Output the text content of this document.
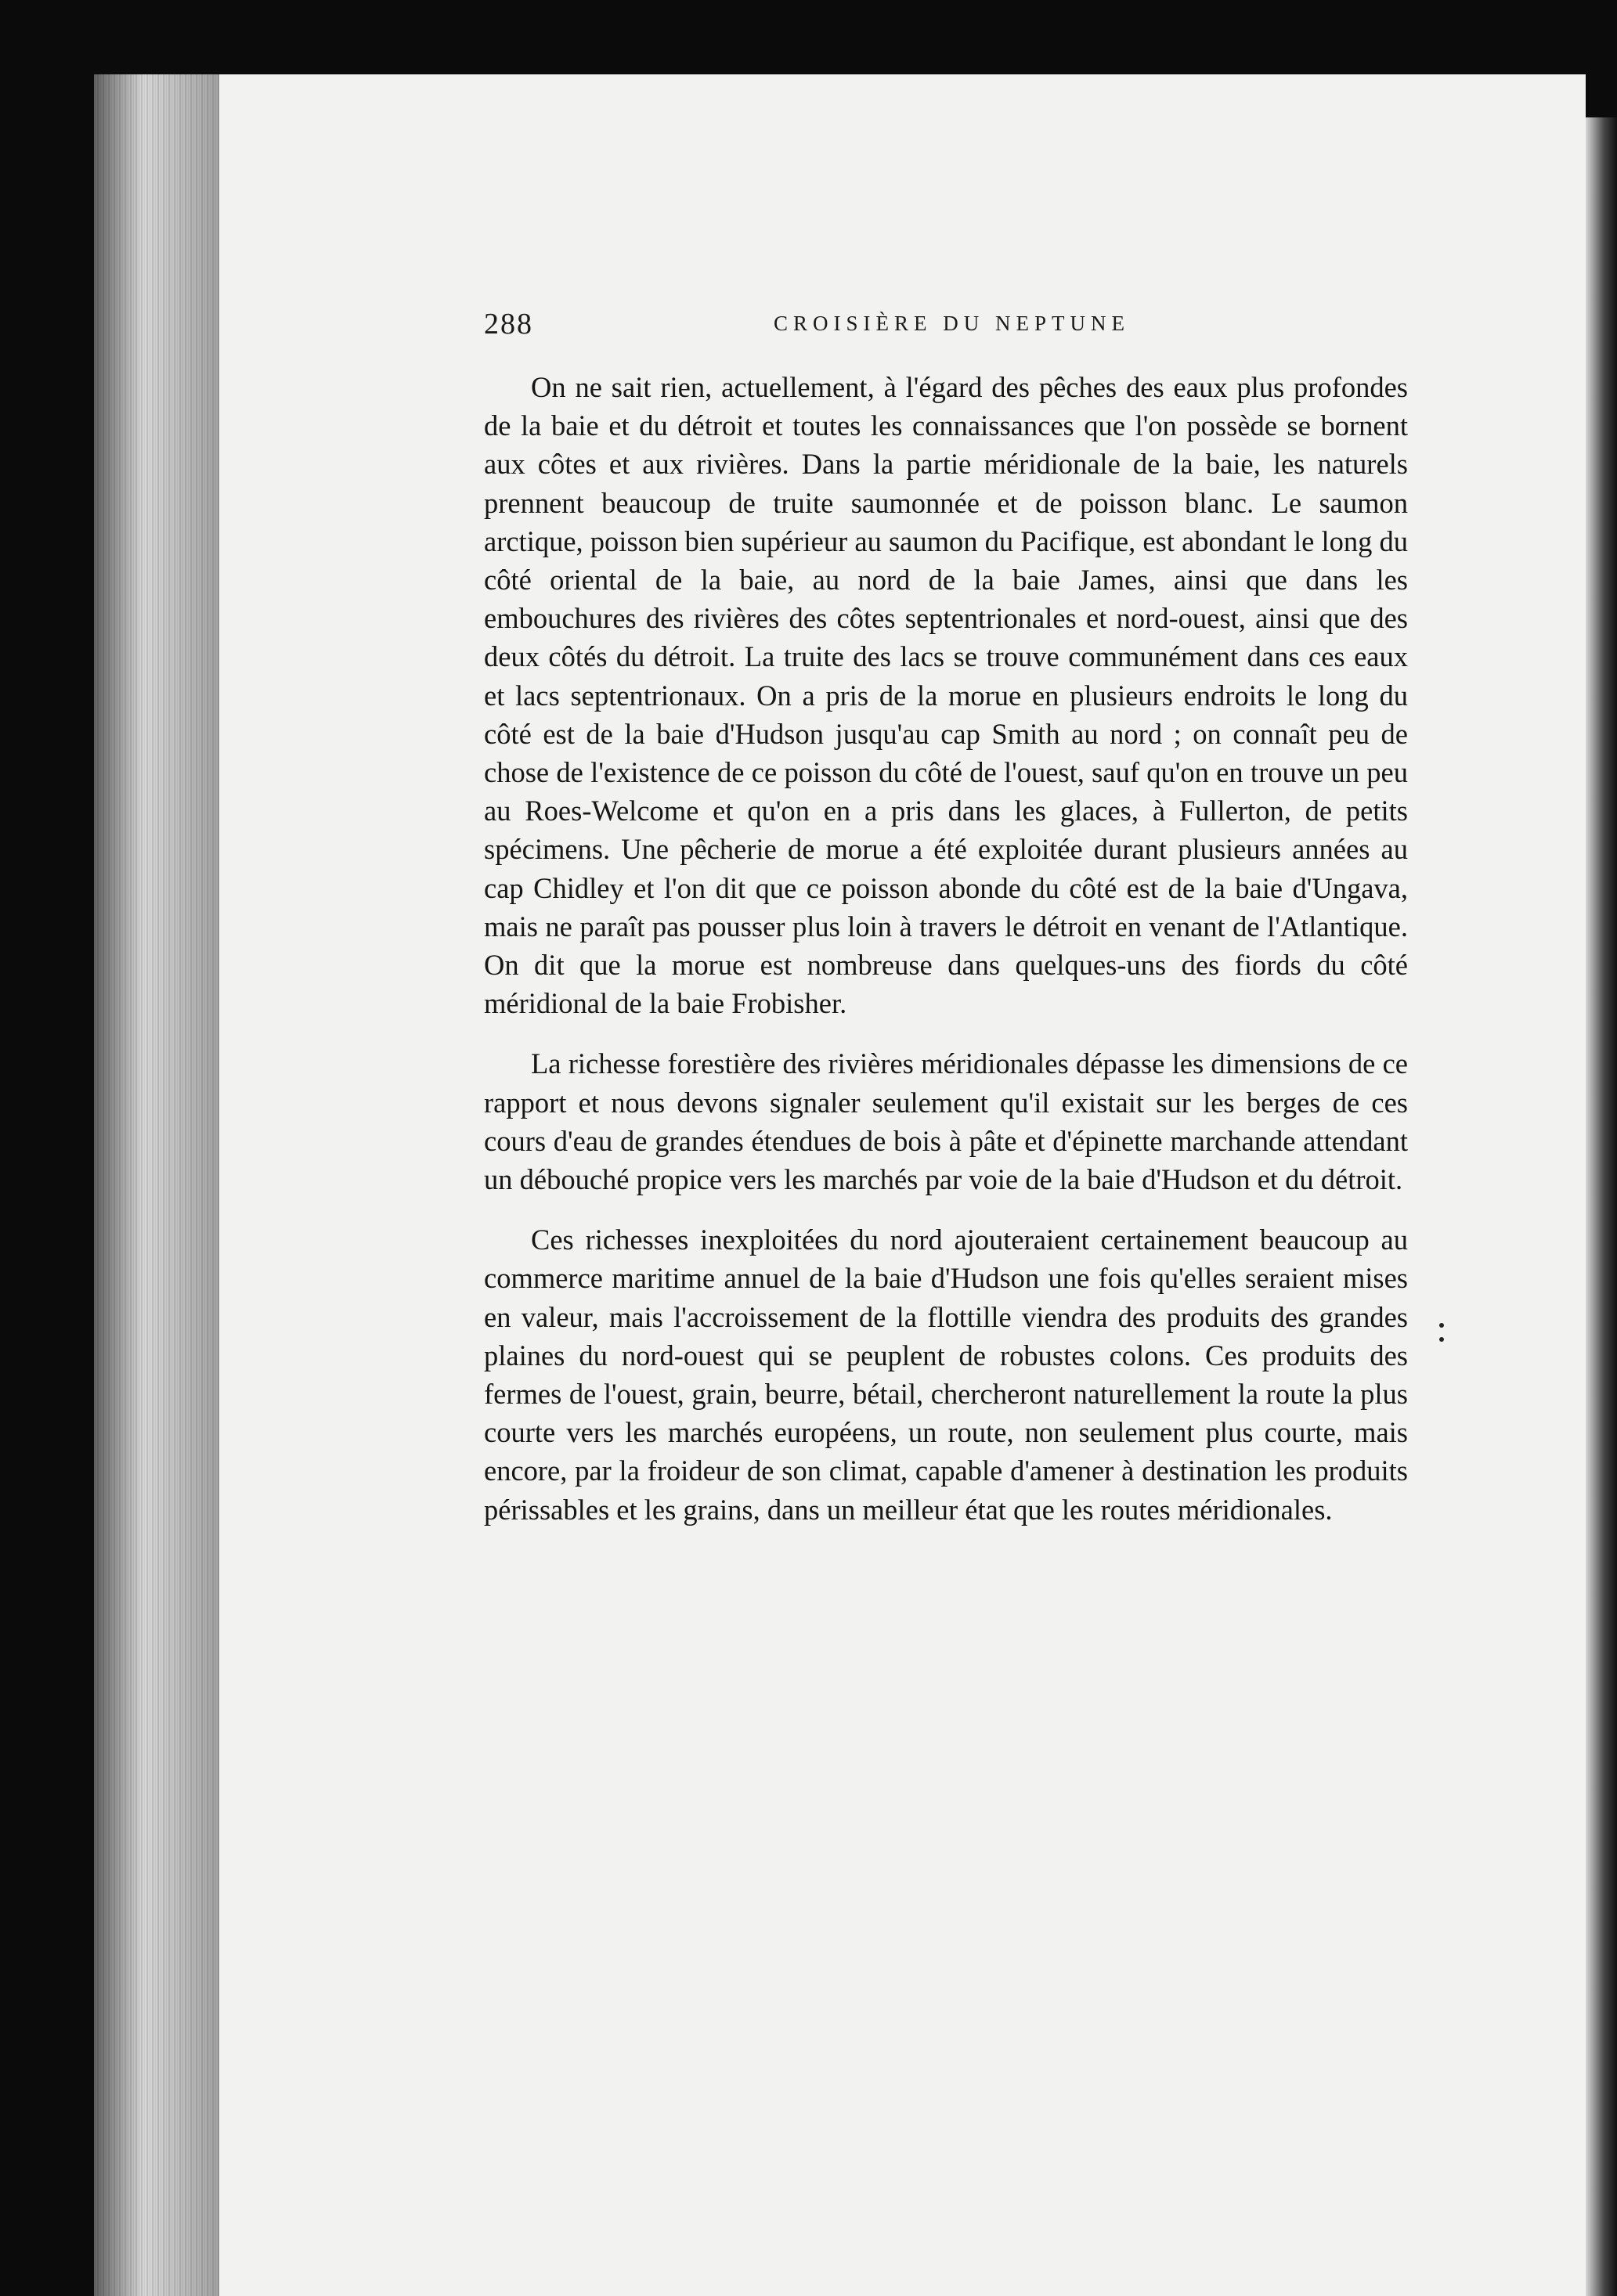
288	CROISIÈRE DU NEPTUNE

On ne sait rien, actuellement, à l'égard des pêches des eaux plus profondes de la baie et du détroit et toutes les connaissances que l'on possède se bornent aux côtes et aux rivières. Dans la partie méridionale de la baie, les naturels prennent beaucoup de truite saumonnée et de poisson blanc. Le saumon arctique, poisson bien supérieur au saumon du Pacifique, est abondant le long du côté oriental de la baie, au nord de la baie James, ainsi que dans les embouchures des rivières des côtes septentrionales et nord-ouest, ainsi que des deux côtés du détroit. La truite des lacs se trouve communément dans ces eaux et lacs septentrionaux. On a pris de la morue en plusieurs endroits le long du côté est de la baie d'Hudson jusqu'au cap Smith au nord ; on connaît peu de chose de l'existence de ce poisson du côté de l'ouest, sauf qu'on en trouve un peu au Roes-Welcome et qu'on en a pris dans les glaces, à Fullerton, de petits spécimens. Une pêcherie de morue a été exploitée durant plusieurs années au cap Chidley et l'on dit que ce poisson abonde du côté est de la baie d'Ungava, mais ne paraît pas pousser plus loin à travers le détroit en venant de l'Atlantique. On dit que la morue est nombreuse dans quelques-uns des fiords du côté méridional de la baie Frobisher.

La richesse forestière des rivières méridionales dépasse les dimensions de ce rapport et nous devons signaler seulement qu'il existait sur les berges de ces cours d'eau de grandes étendues de bois à pâte et d'épinette marchande attendant un débouché propice vers les marchés par voie de la baie d'Hudson et du détroit.

Ces richesses inexploitées du nord ajouteraient certainement beaucoup au commerce maritime annuel de la baie d'Hudson une fois qu'elles seraient mises en valeur, mais l'accroissement de la flottille viendra des produits des grandes plaines du nord-ouest qui se peuplent de robustes colons. Ces produits des fermes de l'ouest, grain, beurre, bétail, chercheront naturellement la route la plus courte vers les marchés européens, un route, non seulement plus courte, mais encore, par la froideur de son climat, capable d'amener à destination les produits périssables et les grains, dans un meilleur état que les routes méridionales.
